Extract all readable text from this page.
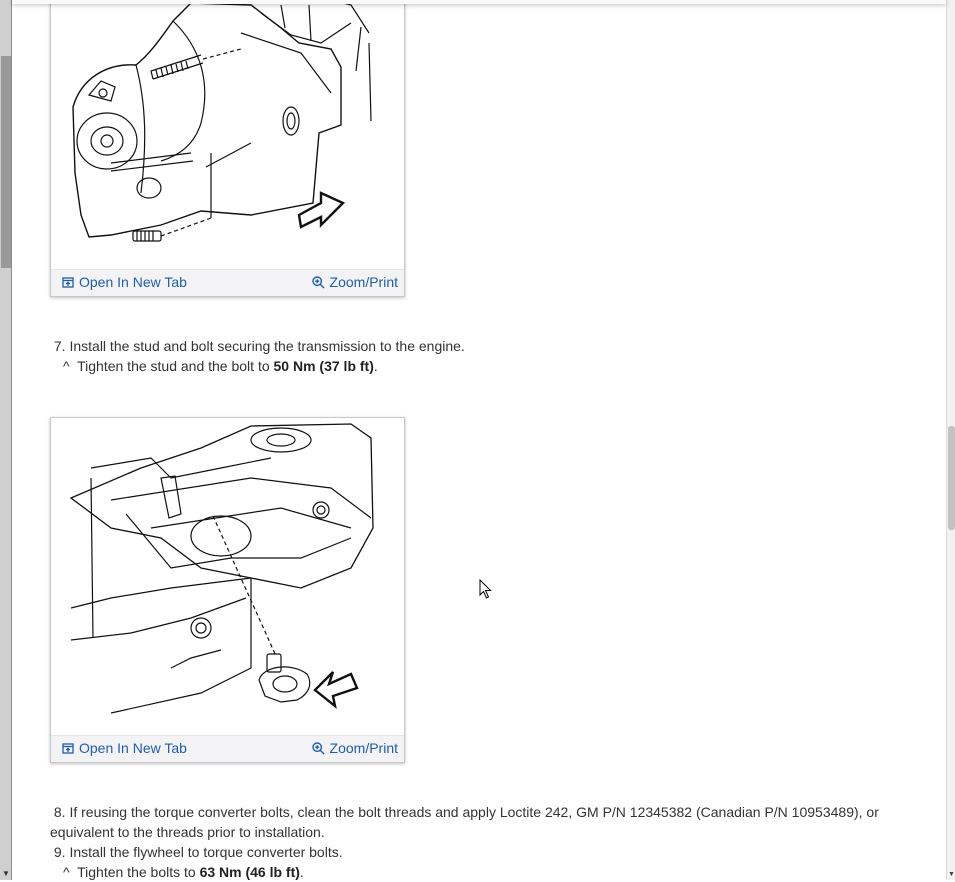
▼
Open In New Tab	Zoom/Print
7. Install the stud and bolt securing the transmission to the engine.
^ Tighten the stud and the bolt to 50 Nm (37 lb ft).
Open In New Tab	Zoom/Print
8. If reusing the torque converter bolts, clean the bolt threads and apply Loctite 242, GM P/N 12345382 (Canadian P/N 10953489), or
equivalent to the threads prior to installation.
9. Install the flywheel to torque converter bolts.
^ Tighten the bolts to 63 Nm (46 lb ft).	▼
